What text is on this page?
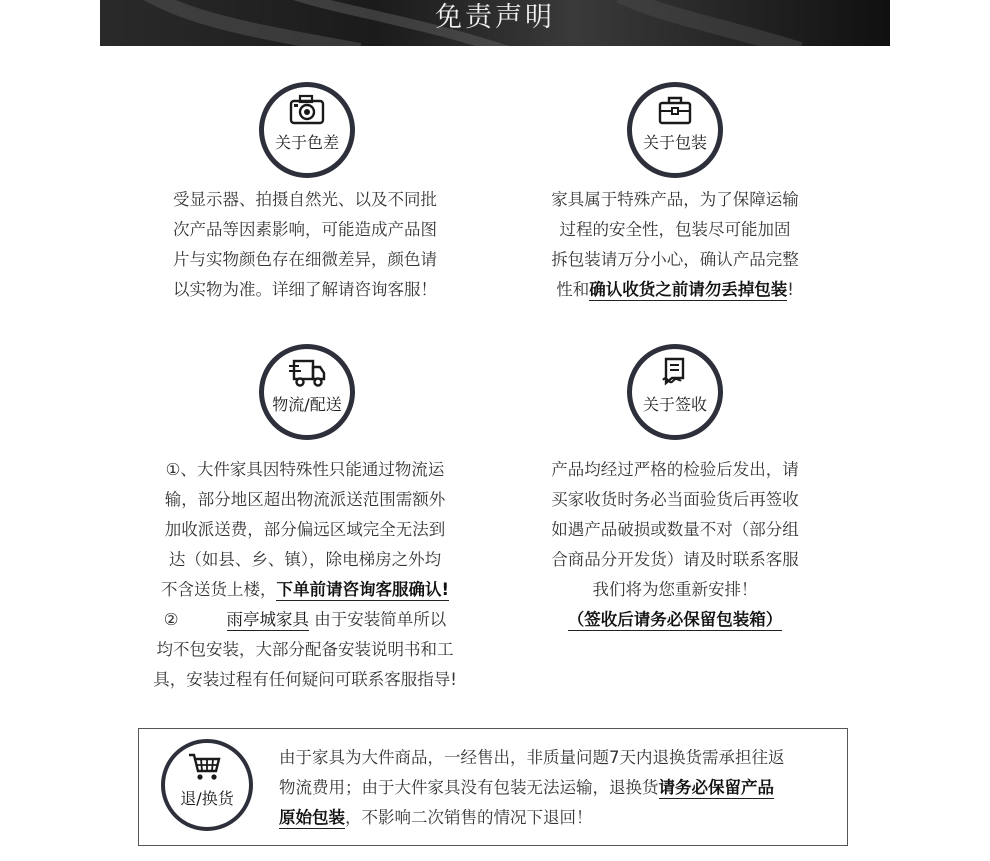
免责声明
关于色差
受显示器、拍摄自然光、以及不同批
次产品等因素影响，可能造成产品图
片与实物颜色存在细微差异，颜色请
以实物为准。详细了解请咨询客服！
关于包装
家具属于特殊产品，为了保障运输
过程的安全性，包装尽可能加固
拆包装请万分小心，确认产品完整
性和确认收货之前请勿丢掉包装!
物流/配送
①、大件家具因特殊性只能通过物流运
输，部分地区超出物流派送范围需额外
加收派送费，部分偏远区域完全无法到
达（如县、乡、镇），除电梯房之外均
不含送货上楼，下单前请咨询客服确认!
②	雨亭城家具 由于安装简单所以
均不包安装，大部分配备安装说明书和工
具，安装过程有任何疑问可联系客服指导!
关于签收
产品均经过严格的检验后发出，请
买家收货时务必当面验货后再签收
如遇产品破损或数量不对（部分组
合商品分开发货）请及时联系客服
我们将为您重新安排！
（签收后请务必保留包装箱）
退/换货
由于家具为大件商品，一经售出，非质量问题7天内退换货需承担往返
物流费用；由于大件家具没有包装无法运输，退换货请务必保留产品
原始包装，不影响二次销售的情况下退回！
